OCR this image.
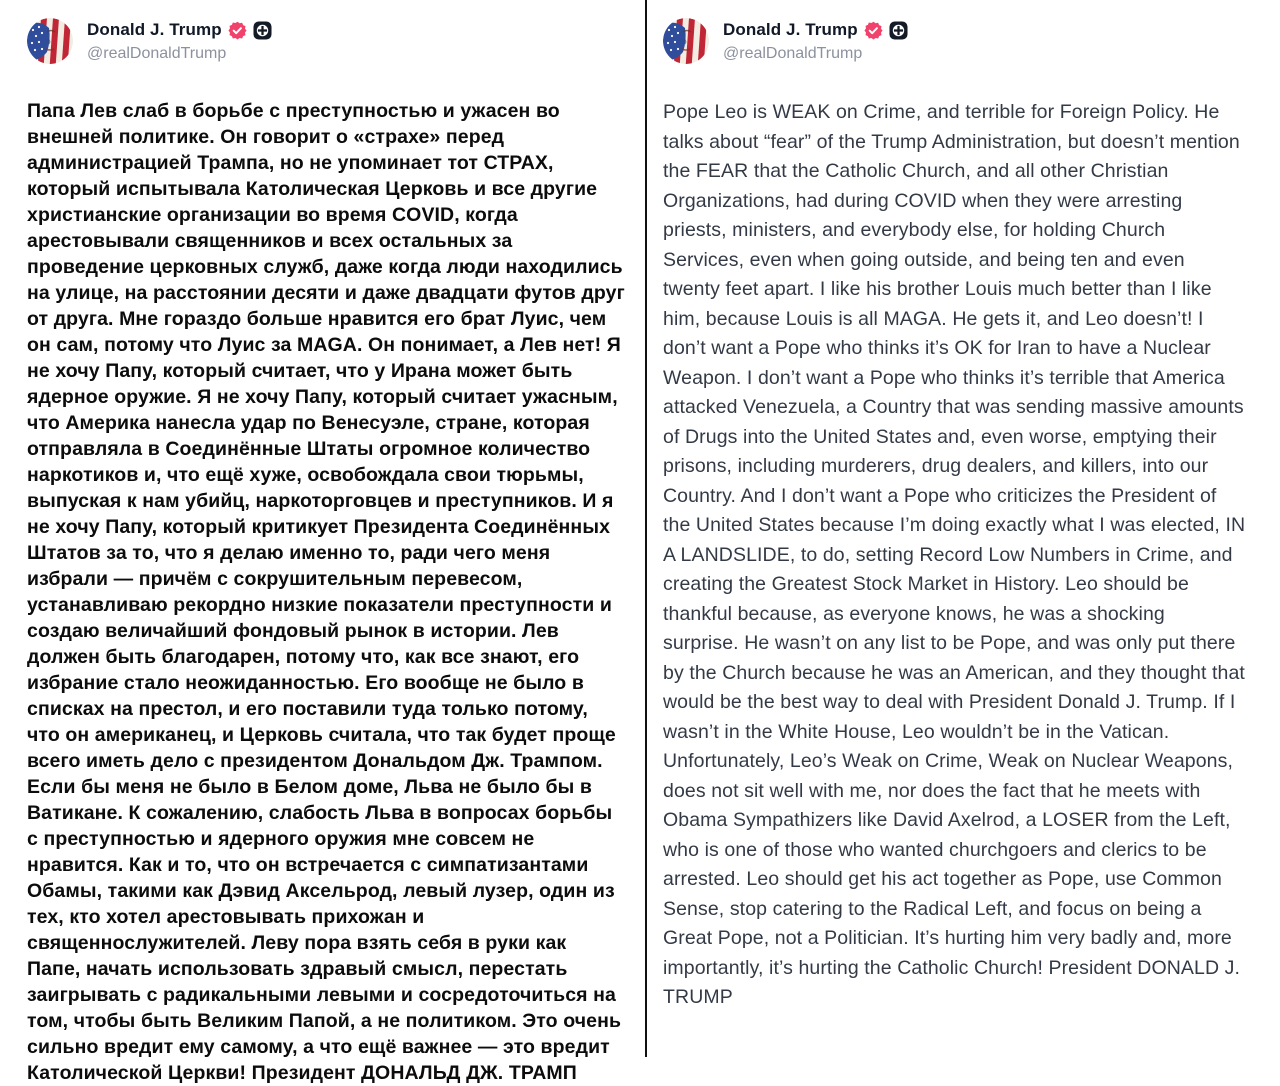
Donald J. Trump
@realDonaldTrump

Папа Лев слаб в борьбе с преступностью и ужасен во внешней политике. Он говорит о «страхе» перед администрацией Трампа, но не упоминает тот СТРАХ, который испытывала Католическая Церковь и все другие христианские организации во время COVID, когда арестовывали священников и всех остальных за проведение церковных служб, даже когда люди находились на улице, на расстоянии десяти и даже двадцати футов друг от друга. Мне гораздо больше нравится его брат Луис, чем он сам, потому что Луис за MAGA. Он понимает, а Лев нет! Я не хочу Папу, который считает, что у Ирана может быть ядерное оружие. Я не хочу Папу, который считает ужасным, что Америка нанесла удар по Венесуэле, стране, которая отправляла в Соединённые Штаты огромное количество наркотиков и, что ещё хуже, освобождала свои тюрьмы, выпуская к нам убийц, наркоторговцев и преступников. И я не хочу Папу, который критикует Президента Соединённых Штатов за то, что я делаю именно то, ради чего меня избрали — причём с сокрушительным перевесом, устанавливаю рекордно низкие показатели преступности и создаю величайший фондовый рынок в истории. Лев должен быть благодарен, потому что, как все знают, его избрание стало неожиданностью. Его вообще не было в списках на престол, и его поставили туда только потому, что он американец, и Церковь считала, что так будет проще всего иметь дело с президентом Дональдом Дж. Трампом. Если бы меня не было в Белом доме, Льва не было бы в Ватикане. К сожалению, слабость Льва в вопросах борьбы с преступностью и ядерного оружия мне совсем не нравится. Как и то, что он встречается с симпатизантами Обамы, такими как Дэвид Аксельрод, левый лузер, один из тех, кто хотел арестовывать прихожан и священнослужителей. Леву пора взять себя в руки как Папе, начать использовать здравый смысл, перестать заигрывать с радикальными левыми и сосредоточиться на том, чтобы быть Великим Папой, а не политиком. Это очень сильно вредит ему самому, а что ещё важнее — это вредит Католической Церкви! Президент ДОНАЛЬД ДЖ. ТРАМП

Donald J. Trump
@realDonaldTrump

Pope Leo is WEAK on Crime, and terrible for Foreign Policy. He talks about “fear” of the Trump Administration, but doesn’t mention the FEAR that the Catholic Church, and all other Christian Organizations, had during COVID when they were arresting priests, ministers, and everybody else, for holding Church Services, even when going outside, and being ten and even twenty feet apart. I like his brother Louis much better than I like him, because Louis is all MAGA. He gets it, and Leo doesn’t! I don’t want a Pope who thinks it’s OK for Iran to have a Nuclear Weapon. I don’t want a Pope who thinks it’s terrible that America attacked Venezuela, a Country that was sending massive amounts of Drugs into the United States and, even worse, emptying their prisons, including murderers, drug dealers, and killers, into our Country. And I don’t want a Pope who criticizes the President of the United States because I’m doing exactly what I was elected, IN A LANDSLIDE, to do, setting Record Low Numbers in Crime, and creating the Greatest Stock Market in History. Leo should be thankful because, as everyone knows, he was a shocking surprise. He wasn’t on any list to be Pope, and was only put there by the Church because he was an American, and they thought that would be the best way to deal with President Donald J. Trump. If I wasn’t in the White House, Leo wouldn’t be in the Vatican. Unfortunately, Leo’s Weak on Crime, Weak on Nuclear Weapons, does not sit well with me, nor does the fact that he meets with Obama Sympathizers like David Axelrod, a LOSER from the Left, who is one of those who wanted churchgoers and clerics to be arrested. Leo should get his act together as Pope, use Common Sense, stop catering to the Radical Left, and focus on being a Great Pope, not a Politician. It’s hurting him very badly and, more importantly, it’s hurting the Catholic Church! President DONALD J. TRUMP
